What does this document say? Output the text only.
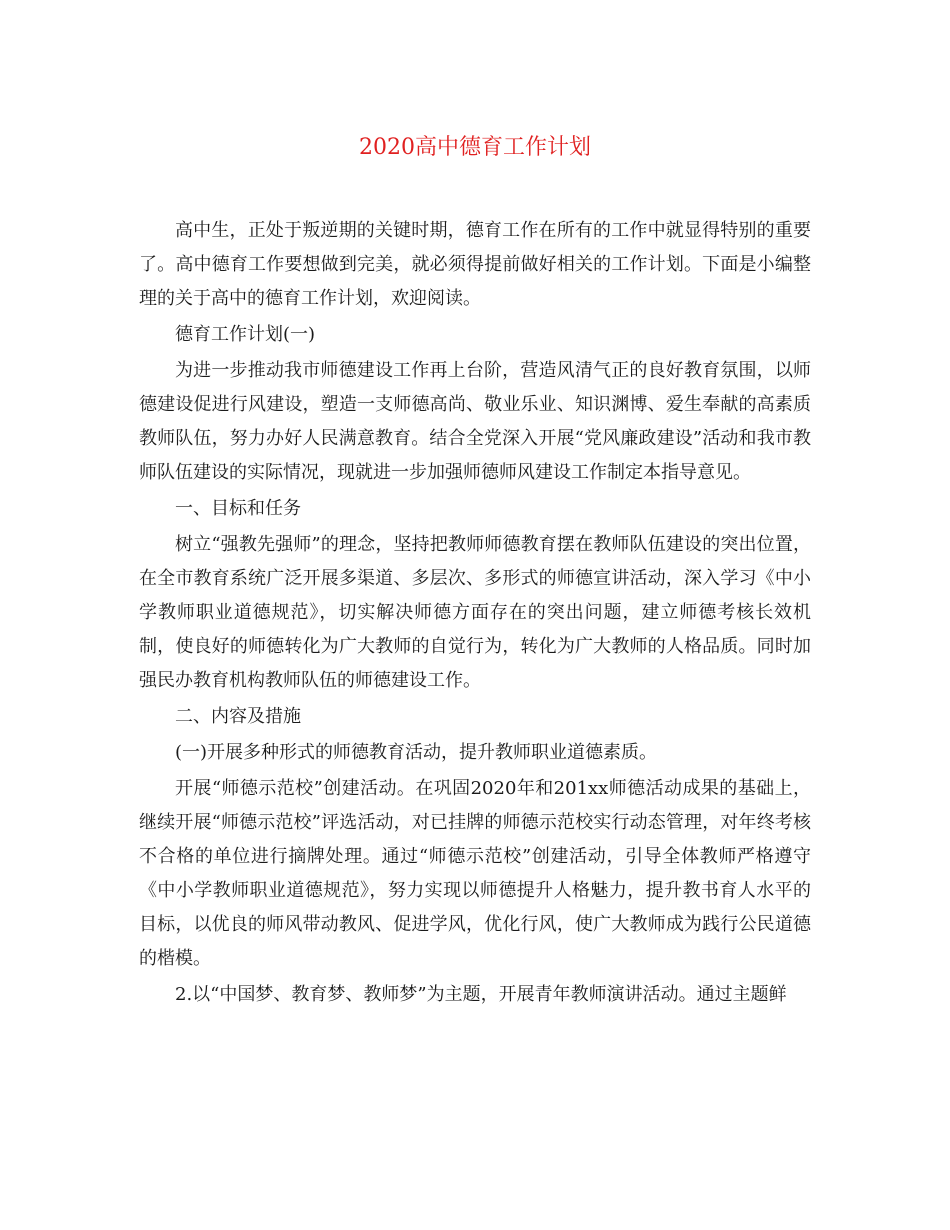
2020高中德育工作计划

高中生，正处于叛逆期的关键时期，德育工作在所有的工作中就显得特别的重要了。高中德育工作要想做到完美，就必须得提前做好相关的工作计划。下面是小编整理的关于高中的德育工作计划，欢迎阅读。

德育工作计划(一)

为进一步推动我市师德建设工作再上台阶，营造风清气正的良好教育氛围，以师德建设促进行风建设，塑造一支师德高尚、敬业乐业、知识渊博、爱生奉献的高素质教师队伍，努力办好人民满意教育。结合全党深入开展“党风廉政建设”活动和我市教师队伍建设的实际情况，现就进一步加强师德师风建设工作制定本指导意见。

一、目标和任务

树立“强教先强师”的理念，坚持把教师师德教育摆在教师队伍建设的突出位置，在全市教育系统广泛开展多渠道、多层次、多形式的师德宣讲活动，深入学习《中小学教师职业道德规范》，切实解决师德方面存在的突出问题，建立师德考核长效机制，使良好的师德转化为广大教师的自觉行为，转化为广大教师的人格品质。同时加强民办教育机构教师队伍的师德建设工作。

二、内容及措施

(一)开展多种形式的师德教育活动，提升教师职业道德素质。

开展“师德示范校”创建活动。在巩固2020年和201xx师德活动成果的基础上，继续开展“师德示范校”评选活动，对已挂牌的师德示范校实行动态管理，对年终考核不合格的单位进行摘牌处理。通过“师德示范校”创建活动，引导全体教师严格遵守《中小学教师职业道德规范》，努力实现以师德提升人格魅力，提升教书育人水平的目标，以优良的师风带动教风、促进学风，优化行风，使广大教师成为践行公民道德的楷模。

2.以“中国梦、教育梦、教师梦”为主题，开展青年教师演讲活动。通过主题鲜
